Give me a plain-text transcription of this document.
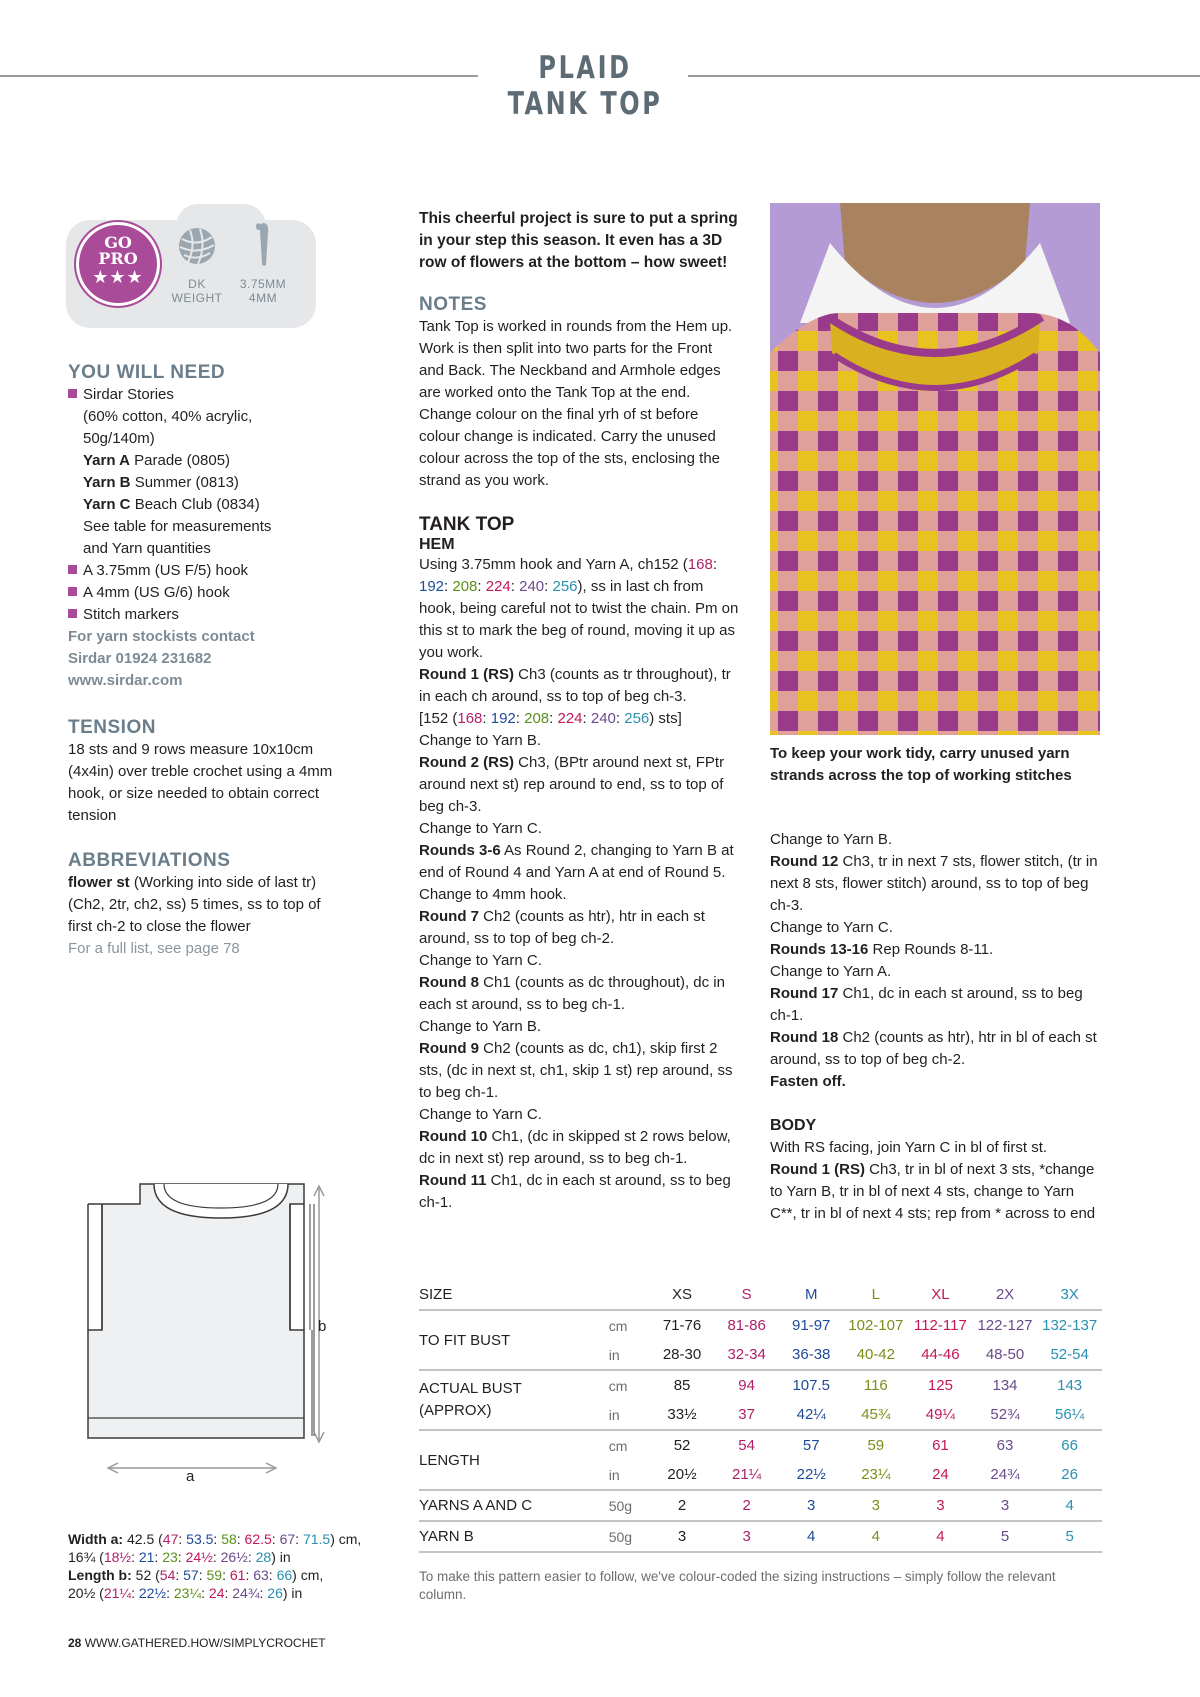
PLAID TANK TOP
GO
PRO
★★★	DK
WEIGHT
3.75MM
4MM
YOU WILL NEED
Sirdar Stories
(60% cotton, 40% acrylic,
50g/140m)
Yarn A Parade (0805)
Yarn B Summer (0813)
Yarn C Beach Club (0834)
See table for measurements
and Yarn quantities
A 3.75mm (US F/5) hook
A 4mm (US G/6) hook
Stitch markers
For yarn stockists contact
Sirdar 01924 231682
www.sirdar.com
TENSION

18 sts and 9 rows measure 10x10cm (4x4in) over treble crochet using a 4mm hook, or size needed to obtain correct tension

ABBREVIATIONS

flower st (Working into side of last tr) (Ch2, 2tr, ch2, ss) 5 times, ss to top of first ch-2 to close the flower

For a full list, see page 78

b
a
Width a: 42.5 (47: 53.5: 58: 62.5: 67: 71.5) cm,
16¾ (18½: 21: 23: 24½: 26½: 28) in
Length b: 52 (54: 57: 59: 61: 63: 66) cm,
20½ (21¼: 22½: 23¼: 24: 24¾: 26) in

This cheerful project is sure to put a spring in your step this season. It even has a 3D row of flowers at the bottom – how sweet!

NOTES

Tank Top is worked in rounds from the Hem up. Work is then split into two parts for the Front and Back. The Neckband and Armhole edges are worked onto the Tank Top at the end. Change colour on the final yrh of st before colour change is indicated. Carry the unused colour across the top of the sts, enclosing the strand as you work.

TANK TOP
HEM

Using 3.75mm hook and Yarn A, ch152 (168: 192: 208: 224: 240: 256), ss in last ch from hook, being careful not to twist the chain. Pm on this st to mark the beg of round, moving it up as you work.

Round 1 (RS) Ch3 (counts as tr throughout), tr in each ch around, ss to top of beg ch-3.

[152 (168: 192: 208: 224: 240: 256) sts]

Change to Yarn B.

Round 2 (RS) Ch3, (BPtr around next st, FPtr around next st) rep around to end, ss to top of beg ch-3.

Change to Yarn C.

Rounds 3-6 As Round 2, changing to Yarn B at end of Round 4 and Yarn A at end of Round 5.

Change to 4mm hook.

Round 7 Ch2 (counts as htr), htr in each st around, ss to top of beg ch-2.

Change to Yarn C.

Round 8 Ch1 (counts as dc throughout), dc in each st around, ss to beg ch-1.

Change to Yarn B.

Round 9 Ch2 (counts as dc, ch1), skip first 2 sts, (dc in next st, ch1, skip 1 st) rep around, ss to beg ch-1.

Change to Yarn C.

Round 10 Ch1, (dc in skipped st 2 rows below, dc in next st) rep around, ss to beg ch-1.

Round 11 Ch1, dc in each st around, ss to beg ch-1.

To keep your work tidy, carry unused yarn strands across the top of working stitches

Change to Yarn B.

Round 12 Ch3, tr in next 7 sts, flower stitch, (tr in next 8 sts, flower stitch) around, ss to top of beg ch-3.

Change to Yarn C.

Rounds 13-16 Rep Rounds 8-11.

Change to Yarn A.

Round 17 Ch1, dc in each st around, ss to beg ch-1.

Round 18 Ch2 (counts as htr), htr in bl of each st around, ss to top of beg ch-2.

Fasten off.

BODY

With RS facing, join Yarn C in bl of first st.

Round 1 (RS) Ch3, tr in bl of next 3 sts, *change to Yarn B, tr in bl of next 4 sts, change to Yarn C**, tr in bl of next 4 sts; rep from * across to end

SIZE		XS	S	M	L	XL	2X	3X
TO FIT BUST	cm	71-76	81-86	91-97	102-107	112-117	122-127	132-137
	in	28-30	32-34	36-38	40-42	44-46	48-50	52-54

ACTUAL BUST
(APPROX)	cm	85	94	107.5	116	125	134	143
	in	33½	37	42¼	45¾	49¼	52¾	56¼
LENGTH	cm	52	54	57	59	61	63	66
	in	20½	21¼	22½	23¼	24	24¾	26
YARNS A AND C	50g	2	2	3	3	3	3	4
YARN B	50g	3	3	4	4	4	5	5
To make this pattern easier to follow, we've colour-coded the sizing instructions – simply follow the relevant column.
28 WWW.GATHERED.HOW/SIMPLYCROCHET
